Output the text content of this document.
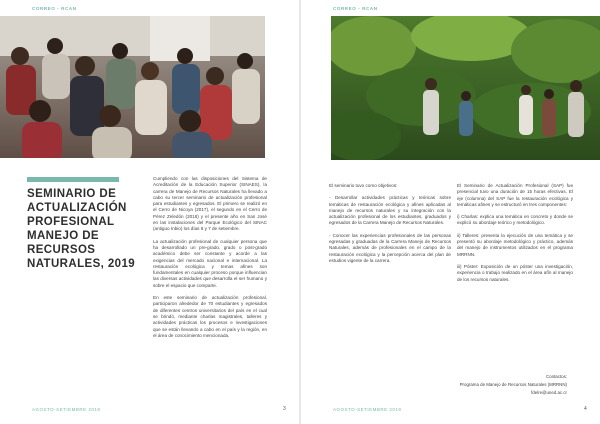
CORREO - RCAN
SEMINARIO DE ACTUALIZACIÓN PROFESIONAL MANEJO DE RECURSOS NATURALES, 2019

Cumpliendo con las disposiciones del Sistema de Acreditación de la Educación Superior (SINAES), la carrera de Manejo de Recursos Naturales ha llevado a cabo su tercer seminario de actualización profesional para estudiantes y egresados. El primero se realizó en el Cerro de Nicoya (2017), el segundo en el Cerro de Pérez Zeledón (2018) y el presente año en San José en las instalaciones del Parque Ecológico del SINAC (antiguo Inbio) los días 6 y 7 de setiembre.

La actualización profesional de cualquier persona que ha desarrollado un pre-grado, grado o post-grado académico debe ser constante y acorde a las exigencias del mercado nacional e internacional. La restauración ecológica y temas afines son fundamentales en cualquier proceso porque influencian las diversas actividades que desarrolla el ser humano y sobre el espacio que comparte.

En este seminario de actualización profesional, participaron alrededor de 70 estudiantes y egresados de diferentes centros universitarios del país en el cual se brindó, mediante charlas magistrales, talleres y actividades prácticas los procesos e investigaciones que se están llevando a cabo en el país y la región, en el área de conocimiento mencionada.

AGOSTO-SETIEMBRE 2019	3
CORREO - RCAN

El seminario tuvo como objetivos:

- Desarrollar actividades prácticas y teóricas sobre temáticas de restauración ecológica y afines aplicadas al manejo de recursos naturales y su integración con la actualización profesional de los estudiantes, graduados y egresados de la Carrera Manejo de Recursos Naturales.

- Conocer las experiencias profesionales de las personas egresadas y graduadas de la Carrera Manejo de Recursos Naturales, además de profesionales en el campo de la restauración ecológica y la percepción acerca del plan de estudios vigente de la carrera.

El Seminario de Actualización Profesional (SAP) fue presencial tuvo una duración de 15 horas efectivas. El eje (columna) del SAP fue la restauración ecológica y temáticas afines y se estructuró en tres componentes:

i) Charlas: explica una temática en concreto y donde se explicó su abordaje teórico y metodológico.

ii) Talleres: presenta la ejecución de una temática y se presentó su abordaje metodológico y práctico, además del manejo de instrumentos utilizados en el programa MRRNN.

iii) Póster: Exposición de un póster una investigación, experiencia o trabajo realizado en el área afín al manejo de los recursos naturales.

Contactos:
Programa de Manejo de Recursos Naturales (MRRNN)
fdelre@uned.ac.cr
AGOSTO-SETIEMBRE 2019	4
